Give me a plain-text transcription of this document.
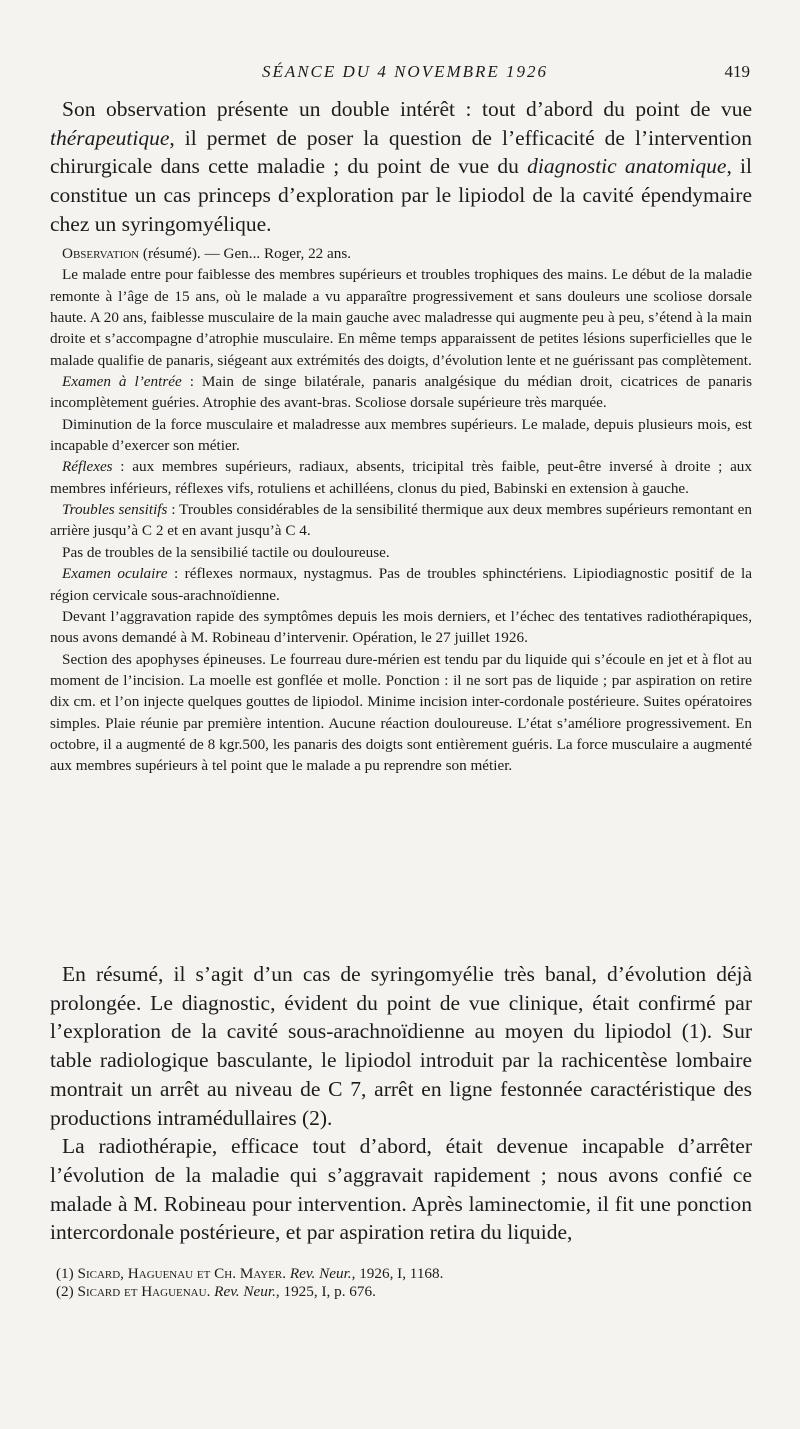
SÉANCE DU 4 NOVEMBRE 1926	419

Son observation présente un double intérêt : tout d’abord du point de vue thérapeutique, il permet de poser la question de l’efficacité de l’intervention chirurgicale dans cette maladie ; du point de vue du diagnostic anatomique, il constitue un cas princeps d’exploration par le lipiodol de la cavité épendymaire chez un syringomyélique.

Observation (résumé). — Gen... Roger, 22 ans.

Le malade entre pour faiblesse des membres supérieurs et troubles trophiques des mains. Le début de la maladie remonte à l’âge de 15 ans, où le malade a vu apparaître progressivement et sans douleurs une scoliose dorsale haute. A 20 ans, faiblesse musculaire de la main gauche avec maladresse qui augmente peu à peu, s’étend à la main droite et s’accompagne d’atrophie musculaire. En même temps apparaissent de petites lésions superficielles que le malade qualifie de panaris, siégeant aux extrémités des doigts, d’évolution lente et ne guérissant pas complètement.

Examen à l’entrée : Main de singe bilatérale, panaris analgésique du médian droit, cicatrices de panaris incomplètement guéries. Atrophie des avant-bras. Scoliose dorsale supérieure très marquée.

Diminution de la force musculaire et maladresse aux membres supérieurs. Le malade, depuis plusieurs mois, est incapable d’exercer son métier.

Réflexes : aux membres supérieurs, radiaux, absents, tricipital très faible, peut-être inversé à droite ; aux membres inférieurs, réflexes vifs, rotuliens et achilléens, clonus du pied, Babinski en extension à gauche.

Troubles sensitifs : Troubles considérables de la sensibilité thermique aux deux membres supérieurs remontant en arrière jusqu’à C 2 et en avant jusqu’à C 4.

Pas de troubles de la sensibilié tactile ou douloureuse.

Examen oculaire : réflexes normaux, nystagmus. Pas de troubles sphinctériens. Lipiodiagnostic positif de la région cervicale sous-arachnoïdienne.

Devant l’aggravation rapide des symptômes depuis les mois derniers, et l’échec des tentatives radiothérapiques, nous avons demandé à M. Robineau d’intervenir. Opération, le 27 juillet 1926.

Section des apophyses épineuses. Le fourreau dure-mérien est tendu par du liquide qui s’écoule en jet et à flot au moment de l’incision. La moelle est gonflée et molle. Ponction : il ne sort pas de liquide ; par aspiration on retire dix cm. et l’on injecte quelques gouttes de lipiodol. Minime incision inter-cordonale postérieure. Suites opératoires simples. Plaie réunie par première intention. Aucune réaction douloureuse. L’état s’améliore progressivement. En octobre, il a augmenté de 8 kgr.500, les panaris des doigts sont entièrement guéris. La force musculaire a augmenté aux membres supérieurs à tel point que le malade a pu reprendre son métier.

En résumé, il s’agit d’un cas de syringomyélie très banal, d’évolution déjà prolongée. Le diagnostic, évident du point de vue clinique, était confirmé par l’exploration de la cavité sous-arachnoïdienne au moyen du lipiodol (1). Sur table radiologique basculante, le lipiodol introduit par la rachicentèse lombaire montrait un arrêt au niveau de C 7, arrêt en ligne festonnée caractéristique des productions intramédullaires (2).

La radiothérapie, efficace tout d’abord, était devenue incapable d’arrêter l’évolution de la maladie qui s’aggravait rapidement ; nous avons confié ce malade à M. Robineau pour intervention. Après laminectomie, il fit une ponction intercordonale postérieure, et par aspiration retira du liquide,

(1) Sicard, Haguenau et Ch. Mayer. Rev. Neur., 1926, I, 1168.
(2) Sicard et Haguenau. Rev. Neur., 1925, I, p. 676.
